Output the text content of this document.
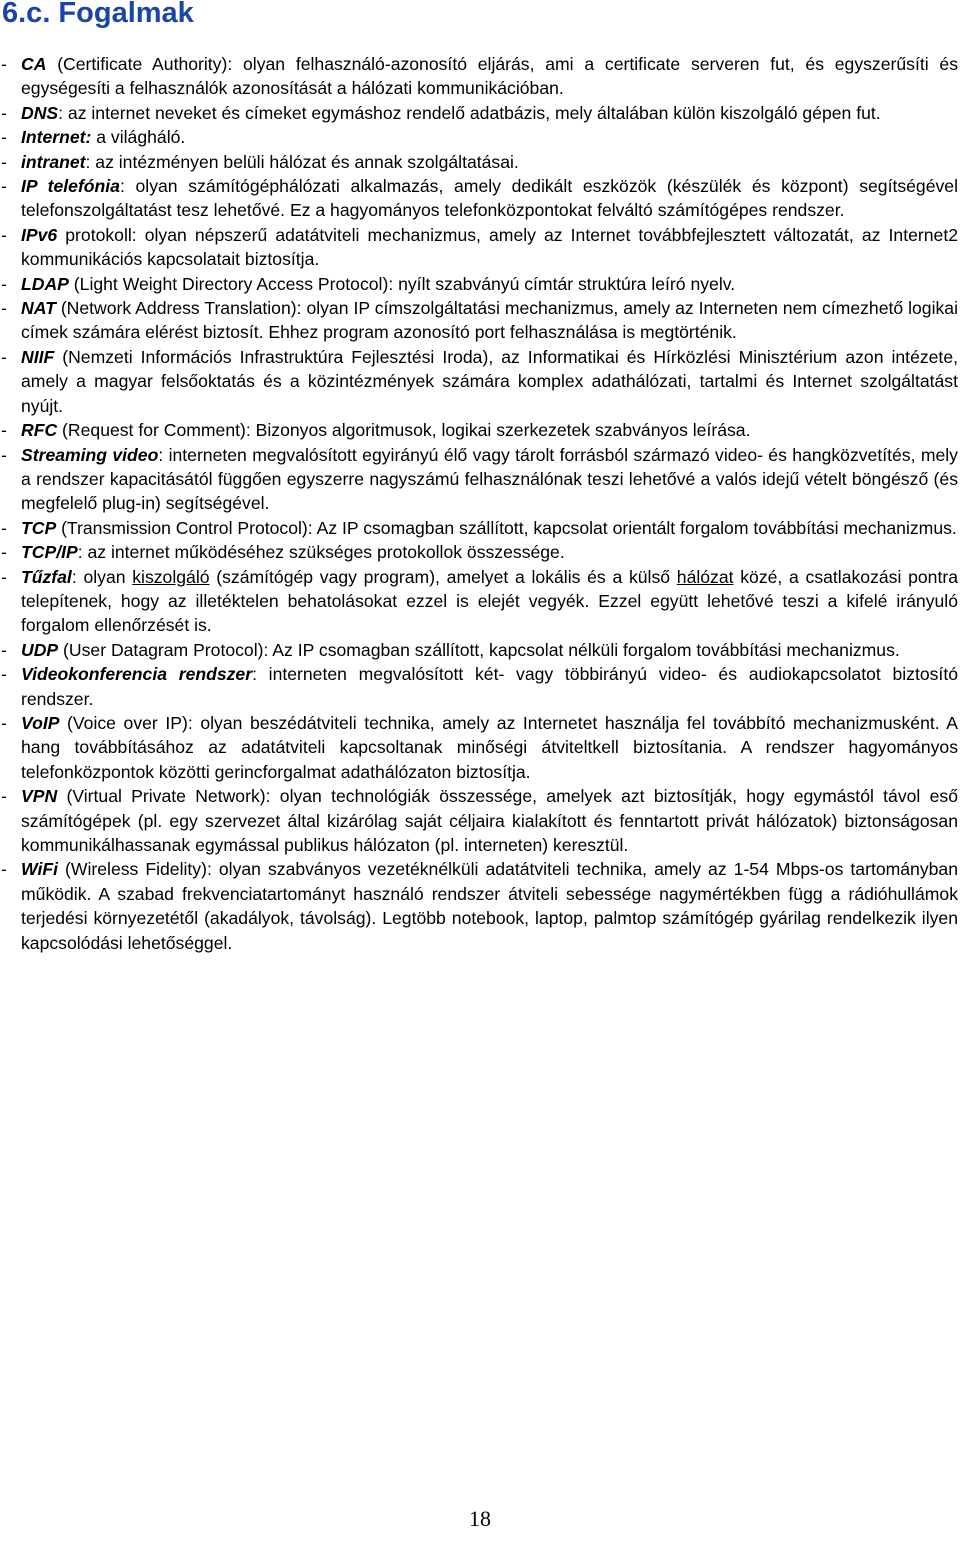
6.c. Fogalmak
- CA (Certificate Authority): olyan felhasználó-azonosító eljárás, ami a certificate serveren fut, és egyszerűsíti és egységesíti a felhasználók azonosítását a hálózati kommunikációban.
- DNS: az internet neveket és címeket egymáshoz rendelő adatbázis, mely általában külön kiszolgáló gépen fut.
- Internet: a világháló.
- intranet: az intézményen belüli hálózat és annak szolgáltatásai.
- IP telefónia: olyan számítógéphálózati alkalmazás, amely dedikált eszközök (készülék és központ) segítségével telefonszolgáltatást tesz lehetővé. Ez a hagyományos telefonközpontokat felváltó számítógépes rendszer.
- IPv6 protokoll: olyan népszerű adatátviteli mechanizmus, amely az Internet továbbfejlesztett változatát, az Internet2 kommunikációs kapcsolatait biztosítja.
- LDAP (Light Weight Directory Access Protocol): nyílt szabványú címtár struktúra leíró nyelv.
- NAT (Network Address Translation): olyan IP címszolgáltatási mechanizmus, amely az Interneten nem címezhető logikai címek számára elérést biztosít. Ehhez program azonosító port felhasználása is megtörténik.
- NIIF (Nemzeti Információs Infrastruktúra Fejlesztési Iroda), az Informatikai és Hírközlési Minisztérium azon intézete, amely a magyar felsőoktatás és a közintézmények számára komplex adathálózati, tartalmi és Internet szolgáltatást nyújt.
- RFC (Request for Comment): Bizonyos algoritmusok, logikai szerkezetek szabványos leírása.
- Streaming video: interneten megvalósított egyirányú élő vagy tárolt forrásból származó video- és hangközvetítés, mely a rendszer kapacitásától függően egyszerre nagyszámú felhasználónak teszi lehetővé a valós idejű vételt böngésző (és megfelelő plug-in) segítségével.
- TCP (Transmission Control Protocol): Az IP csomagban szállított, kapcsolat orientált forgalom továbbítási mechanizmus.
- TCP/IP: az internet működéséhez szükséges protokollok összessége.
- Tűzfal: olyan kiszolgáló (számítógép vagy program), amelyet a lokális és a külső hálózat közé, a csatlakozási pontra telepítenek, hogy az illetéktelen behatolásokat ezzel is elejét vegyék. Ezzel együtt lehetővé teszi a kifelé irányuló forgalom ellenőrzését is.
- UDP (User Datagram Protocol): Az IP csomagban szállított, kapcsolat nélküli forgalom továbbítási mechanizmus.
- Videokonferencia rendszer: interneten megvalósított két- vagy többirányú video- és audiokapcsolatot biztosító rendszer.
- VoIP (Voice over IP): olyan beszédátviteli technika, amely az Internetet használja fel továbbító mechanizmusként. A hang továbbításához az adatátviteli kapcsoltanak minőségi átviteltkell biztosítania. A rendszer hagyományos telefonközpontok közötti gerincforgalmat adathálózaton biztosítja.
- VPN (Virtual Private Network): olyan technológiák összessége, amelyek azt biztosítják, hogy egymástól távol eső számítógépek (pl. egy szervezet által kizárólag saját céljaira kialakított és fenntartott privát hálózatok) biztonságosan kommunikálhassanak egymással publikus hálózaton (pl. interneten) keresztül.
- WiFi (Wireless Fidelity): olyan szabványos vezetéknélküli adatátviteli technika, amely az 1-54 Mbps-os tartományban működik. A szabad frekvenciatartományt használó rendszer átviteli sebessége nagymértékben függ a rádióhullámok terjedési környezetétől (akadályok, távolság). Legtöbb notebook, laptop, palmtop számítógép gyárilag rendelkezik ilyen kapcsolódási lehetőséggel.
18
